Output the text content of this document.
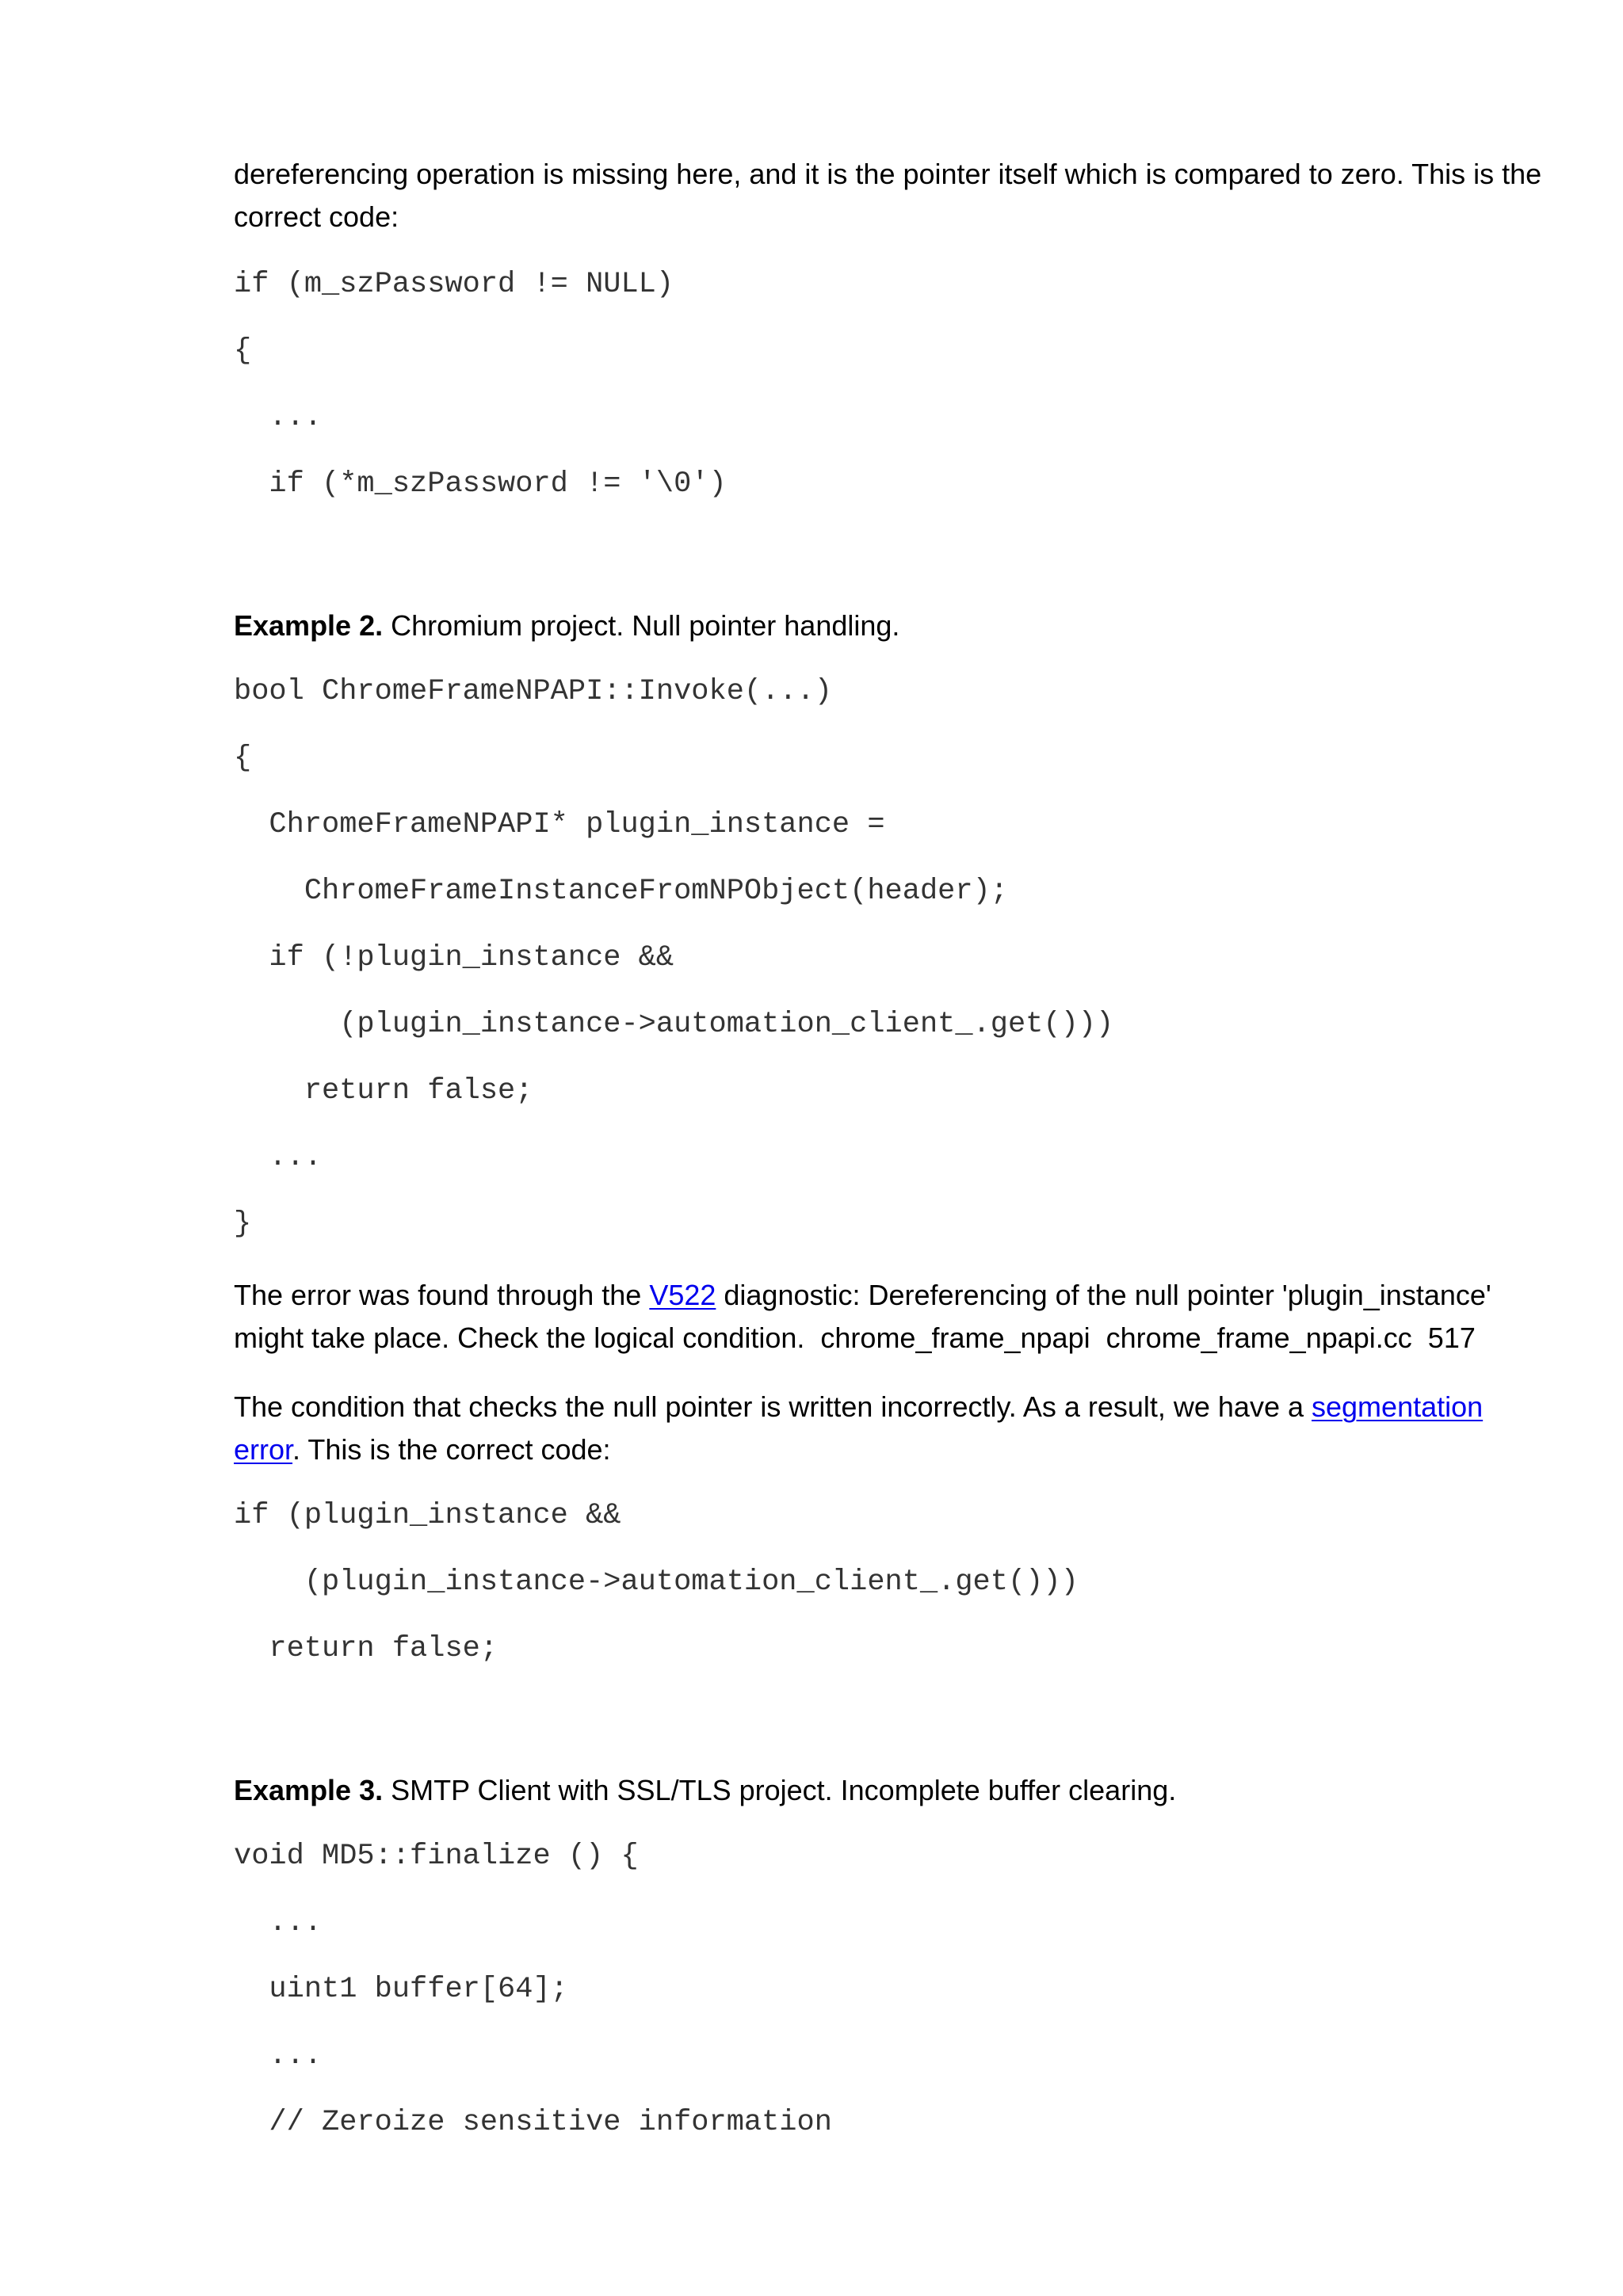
dereferencing operation is missing here, and it is the pointer itself which is compared to zero. This is the
correct code:
if (m_szPassword != NULL)
{
...
if (*m_szPassword != '\0')
Example 2. Chromium project. Null pointer handling.
bool ChromeFrameNPAPI::Invoke(...)
{
ChromeFrameNPAPI* plugin_instance =
ChromeFrameInstanceFromNPObject(header);
if (!plugin_instance &&
(plugin_instance->automation_client_.get()))
return false;
...
}
The error was found through the V522 diagnostic: Dereferencing of the null pointer 'plugin_instance'
might take place. Check the logical condition.  chrome_frame_npapi  chrome_frame_npapi.cc  517
The condition that checks the null pointer is written incorrectly. As a result, we have a segmentation
error. This is the correct code:
if (plugin_instance &&
(plugin_instance->automation_client_.get()))
return false;
Example 3. SMTP Client with SSL/TLS project. Incomplete buffer clearing.
void MD5::finalize () {
...
uint1 buffer[64];
...
// Zeroize sensitive information
